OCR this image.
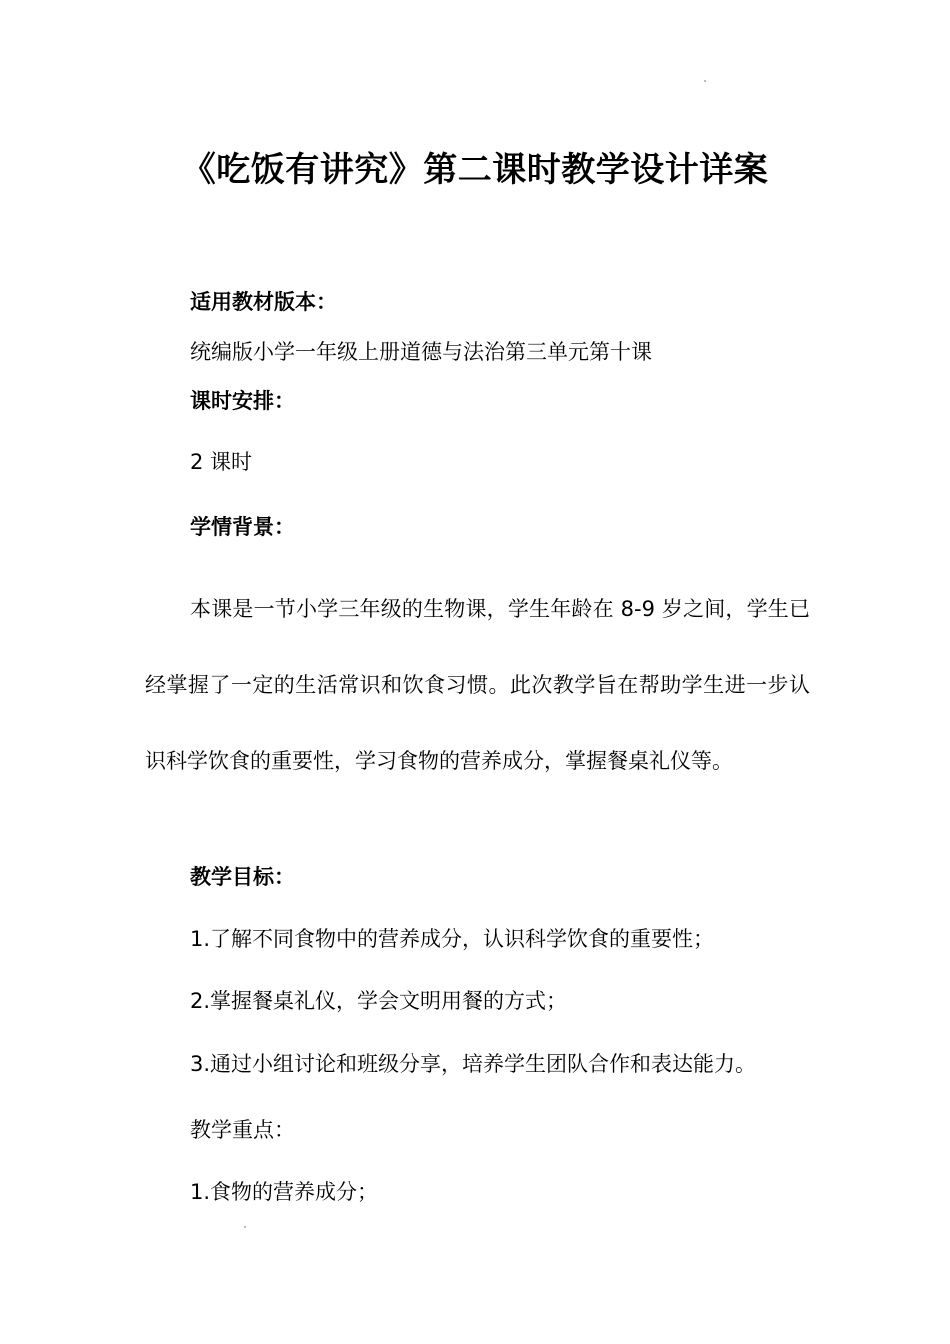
《吃饭有讲究》第二课时教学设计详案
适用教材版本：
统编版小学一年级上册道德与法治第三单元第十课
课时安排：
2 课时
学情背景：
本课是一节小学三年级的生物课，学生年龄在 8-9 岁之间，学生已经掌握了一定的生活常识和饮食习惯。此次教学旨在帮助学生进一步认识科学饮食的重要性，学习食物的营养成分，掌握餐桌礼仪等。
教学目标：
1.了解不同食物中的营养成分，认识科学饮食的重要性；
2.掌握餐桌礼仪，学会文明用餐的方式；
3.通过小组讨论和班级分享，培养学生团队合作和表达能力。
教学重点：
1.食物的营养成分；
